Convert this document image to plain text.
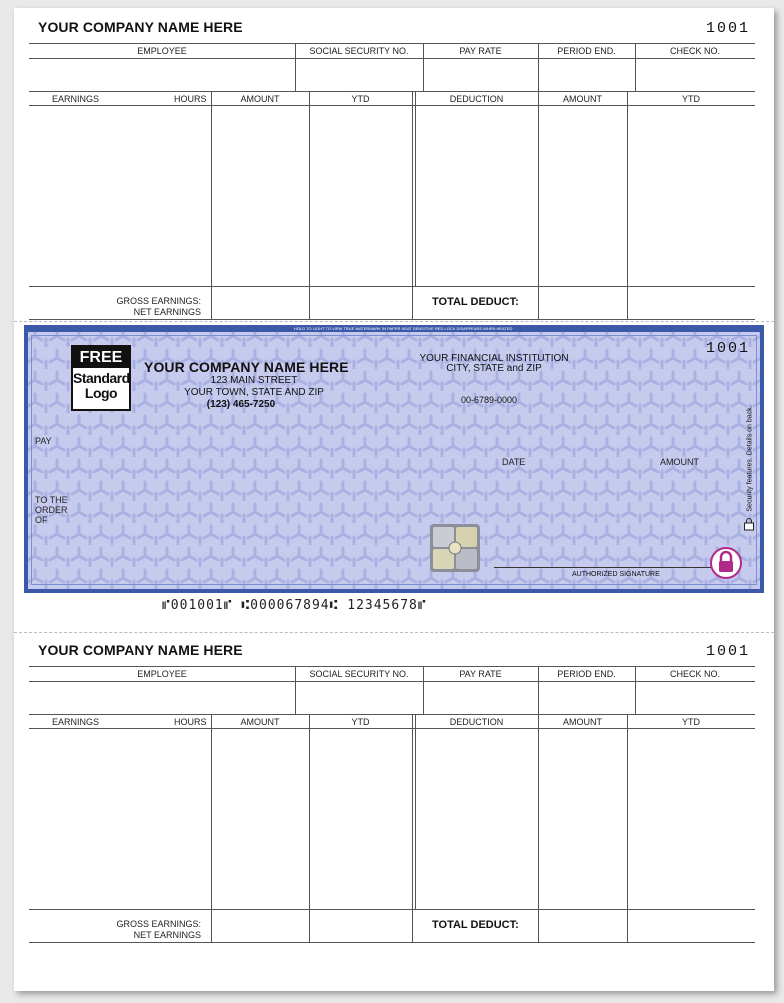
YOUR COMPANY NAME HERE	1001
EMPLOYEE	SOCIAL SECURITY NO.	PAY RATE	PERIOD END.	CHECK NO.
EARNINGS	HOURS	AMOUNT	YTD	DEDUCTION	AMOUNT	YTD
GROSS EARNINGS:
NET EARNINGS
TOTAL DEDUCT:
HOLD TO LIGHT TO VIEW TRUE WATERMARK IN PAPER HEAT SENSITIVE RED LOCK DISAPPEARS WHEN HEATED
1001
FREE
Standard
Logo
YOUR COMPANY NAME HERE
123 MAIN STREET
YOUR TOWN, STATE AND ZIP
(123) 465-7250
YOUR FINANCIAL INSTITUTION
CITY, STATE and ZIP
00-6789-0000
PAY
DATE	AMOUNT
TO THE
ORDER
OF
AUTHORIZED SIGNATURE
Security features. Details on back.
⑈001001⑈ ⑆000067894⑆ 12345678⑈
YOUR COMPANY NAME HERE	1001
EMPLOYEE	SOCIAL SECURITY NO.	PAY RATE	PERIOD END.	CHECK NO.
EARNINGS	HOURS	AMOUNT	YTD	DEDUCTION	AMOUNT	YTD
GROSS EARNINGS:
NET EARNINGS
TOTAL DEDUCT:
